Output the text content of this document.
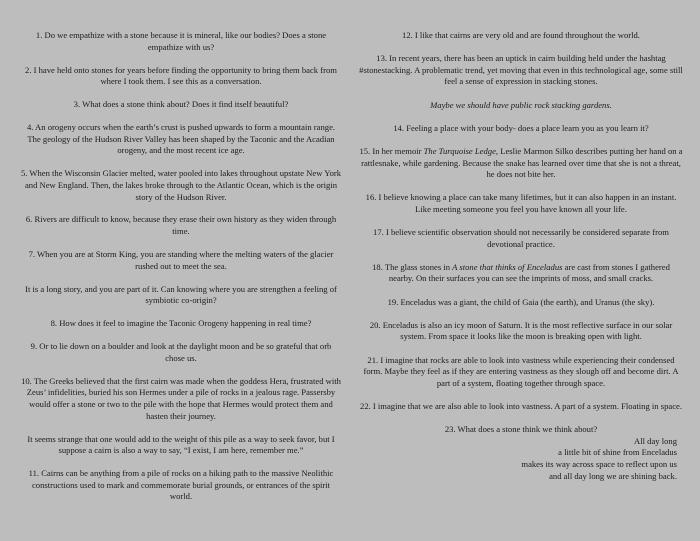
1. Do we empathize with a stone because it is mineral, like our bodies? Does a stone empathize with us?

2. I have held onto stones for years before finding the opportunity to bring them back from where I took them. I see this as a conversation.

3. What does a stone think about? Does it find itself beautiful?

4. An orogeny occurs when the earth’s crust is pushed upwards to form a mountain range. The geology of the Hudson River Valley has been shaped by the Taconic and the Acadian orogeny, and the most recent ice age.

5. When the Wisconsin Glacier melted, water pooled into lakes throughout upstate New York and New England. Then, the lakes broke through to the Atlantic Ocean, which is the origin story of the Hudson River.

6. Rivers are difficult to know, because they erase their own history as they widen through time.

7. When you are at Storm King, you are standing where the melting waters of the glacier rushed out to meet the sea.

It is a long story, and you are part of it. Can knowing where you are strengthen a feeling of symbiotic co-origin?

8. How does it feel to imagine the Taconic Orogeny happening in real time?

9. Or to lie down on a boulder and look at the daylight moon and be so grateful that orb chose us.

10. The Greeks believed that the first cairn was made when the goddess Hera, frustrated with Zeus’ infidelities, buried his son Hermes under a pile of rocks in a jealous rage. Passersby would offer a stone or two to the pile with the hope that Hermes would protect them and hasten their journey.

It seems strange that one would add to the weight of this pile as a way to seek favor, but I suppose a cairn is also a way to say, “I exist, I am here, remember me.”

11. Cairns can be anything from a pile of rocks on a hiking path to the massive Neolithic constructions used to mark and commemorate burial grounds, or entrances of the spirit world.

12. I like that cairns are very old and are found throughout the world.

13. In recent years, there has been an uptick in cairn building held under the hashtag #stonestacking. A problematic trend, yet moving that even in this technological age, some still feel a sense of expression in stacking stones.

Maybe we should have public rock stacking gardens.

14. Feeling a place with your body- does a place learn you as you learn it?

15. In her memoir The Turquoise Ledge, Leslie Marmon Silko describes putting her hand on a rattlesnake, while gardening. Because the snake has learned over time that she is not a threat, he does not bite her.

16. I believe knowing a place can take many lifetimes, but it can also happen in an instant. Like meeting someone you feel you have known all your life.

17. I believe scientific observation should not necessarily be considered separate from devotional practice.

18. The glass stones in A stone that thinks of Enceladus are cast from stones I gathered nearby. On their surfaces you can see the imprints of moss, and small cracks.

19. Enceladus was a giant, the child of Gaia (the earth), and Uranus (the sky).

20. Enceladus is also an icy moon of Saturn. It is the most reflective surface in our solar system. From space it looks like the moon is breaking open with light.

21. I imagine that rocks are able to look into vastness while experiencing their condensed form. Maybe they feel as if they are entering vastness as they slough off and become dirt. A part of a system, floating together through space.

22. I imagine that we are also able to look into vastness. A part of a system. Floating in space.

23. What does a stone think we think about?

All day long
a little bit of shine from Enceladus
makes its way across space to reflect upon us
and all day long we are shining back.
